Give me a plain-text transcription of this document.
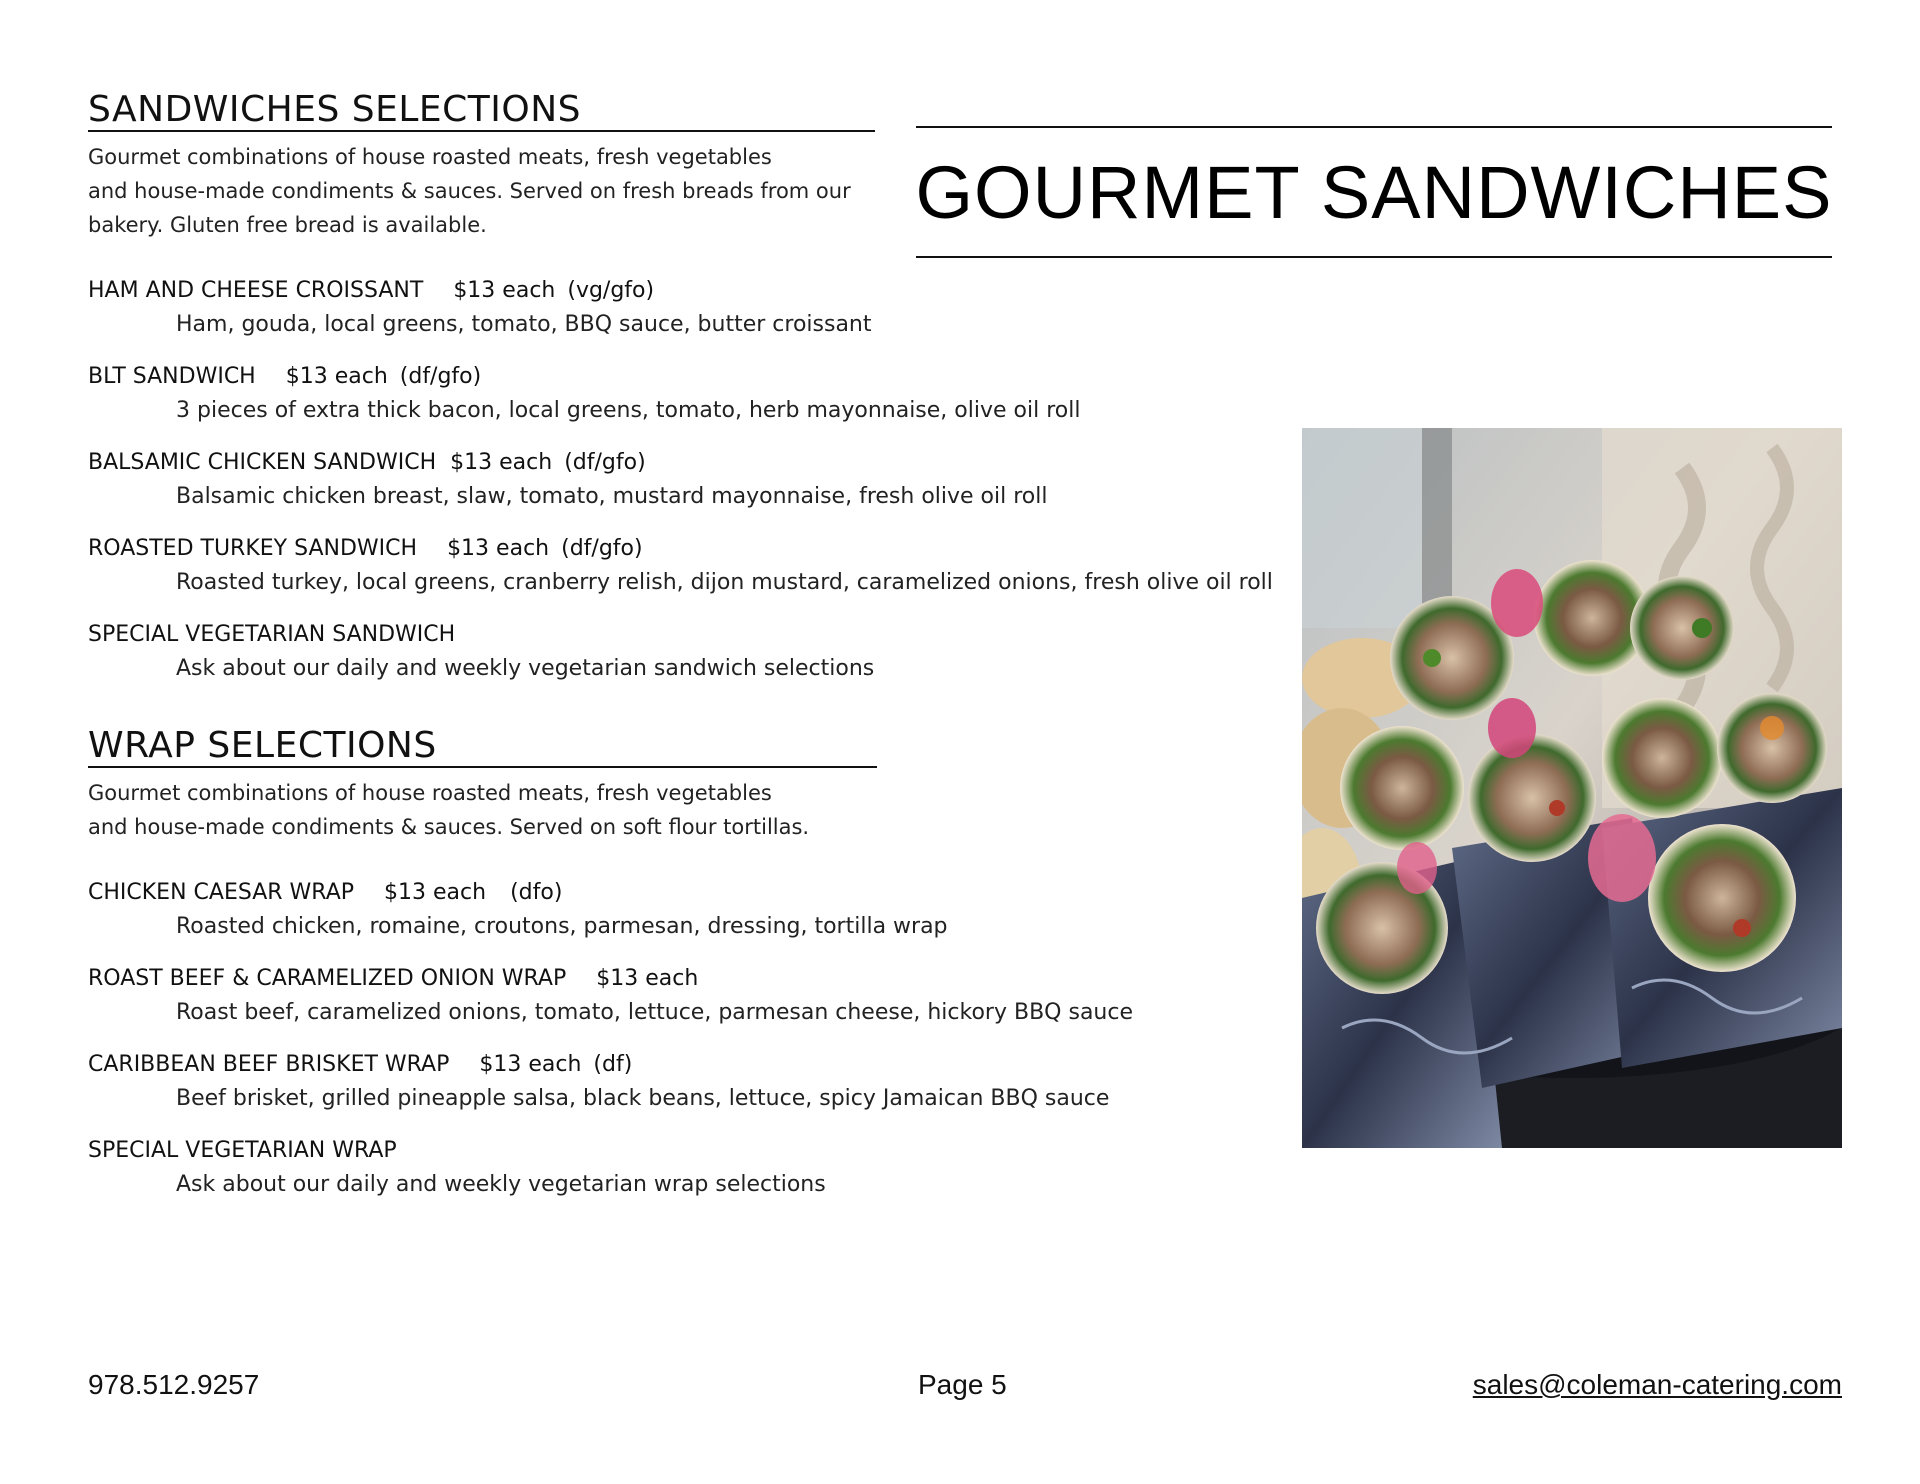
SANDWICHES SELECTIONS
Gourmet combinations of house roasted meats, fresh vegetables
and house-made condiments & sauces. Served on fresh breads from our
bakery. Gluten free bread is available.
HAM AND CHEESE CROISSANT $13 each (vg/gfo)
Ham, gouda, local greens, tomato, BBQ sauce, butter croissant
BLT SANDWICH $13 each (df/gfo)
3 pieces of extra thick bacon, local greens, tomato, herb mayonnaise, olive oil roll
BALSAMIC CHICKEN SANDWICH $13 each (df/gfo)
Balsamic chicken breast, slaw, tomato, mustard mayonnaise, fresh olive oil roll
ROASTED TURKEY SANDWICH $13 each (df/gfo)
Roasted turkey, local greens, cranberry relish, dijon mustard, caramelized onions, fresh olive oil roll
SPECIAL VEGETARIAN SANDWICH
Ask about our daily and weekly vegetarian sandwich selections
WRAP SELECTIONS
Gourmet combinations of house roasted meats, fresh vegetables
and house-made condiments & sauces. Served on soft flour tortillas.
CHICKEN CAESAR WRAP $13 each (dfo)
Roasted chicken, romaine, croutons, parmesan, dressing, tortilla wrap
ROAST BEEF & CARAMELIZED ONION WRAP $13 each
Roast beef, caramelized onions, tomato, lettuce, parmesan cheese, hickory BBQ sauce
CARIBBEAN BEEF BRISKET WRAP $13 each (df)
Beef brisket, grilled pineapple salsa, black beans, lettuce, spicy Jamaican BBQ sauce
SPECIAL VEGETARIAN WRAP
Ask about our daily and weekly vegetarian wrap selections
GOURMET SANDWICHES
978.512.9257	Page 5	sales@coleman-catering.com
